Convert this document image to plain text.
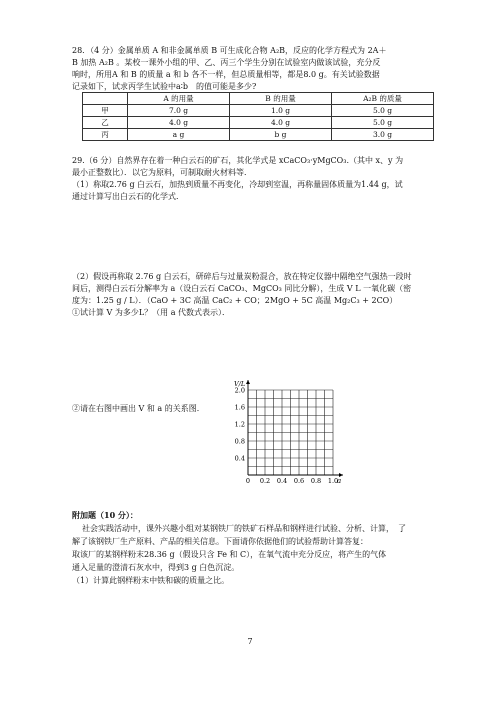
28．（4 分）金属单质 A 和非金属单质 B 可生成化合物 A₂B，反应的化学方程式为 2A＋
B 加热 A₂B 。某校一课外小组的甲、乙、丙三个学生分别在试验室内做该试验，充分反
响时，所用A 和 B 的质量 a 和 b 各不一样，但总质量相等，都是8.0 g。有关试验数据
记录如下，试求丙学生试验中a∶b　的值可能是多少?
	A 的用量	B 的用量	A₂B 的质量
甲	7.0 g	1.0 g	5.0 g
乙	4.0 g	4.0 g	5.0 g
丙	a g	b g	3.0 g
29.（6 分）自然界存在着一种白云石的矿石，其化学式是 xCaCO₃·yMgCO₃.（其中 x、y 为
最小正整数比）．以它为原料，可制取耐火材料等．
（1）称取2.76 g 白云石，加热到质量不再变化，冷却到室温，再称量固体质量为1.44 g，试
通过计算写出白云石的化学式．
（2）假设再称取 2.76 g 白云石，研碎后与过量炭粉混合，放在特定仪器中隔绝空气强热一段时
间后，测得白云石分解率为 a（设白云石 CaCO₃、MgCO₃ 同比分解），生成 V L 一氧化碳（密
度为：1.25 g / L）．（CaO + 3C 高温 CaC₂ + CO；2MgO + 5C 高温 Mg₂C₃ + 2CO）
①试计算 V 为多少L？（用 a 代数式表示）．
②请在右图中画出 V 和 a 的关系图．
2.0
1.6
1.2
0.8
0.4
0 0.2 0.4 0.6 0.8 1.0
V/L
a
附加题（10 分）：
社会实践活动中，课外兴趣小组对某钢铁厂的铁矿石样品和钢样进行试验、分析、计算，　了
解了该钢铁厂生产原料、产品的相关信息。下面请你依据他们的试验帮助计算答复：
取该厂的某钢样粉末28.36 g（假设只含 Fe 和 C），在氧气流中充分反应，将产生的气体
通入足量的澄清石灰水中，得到3 g 白色沉淀。
（1）计算此钢样粉末中铁和碳的质量之比。
7
